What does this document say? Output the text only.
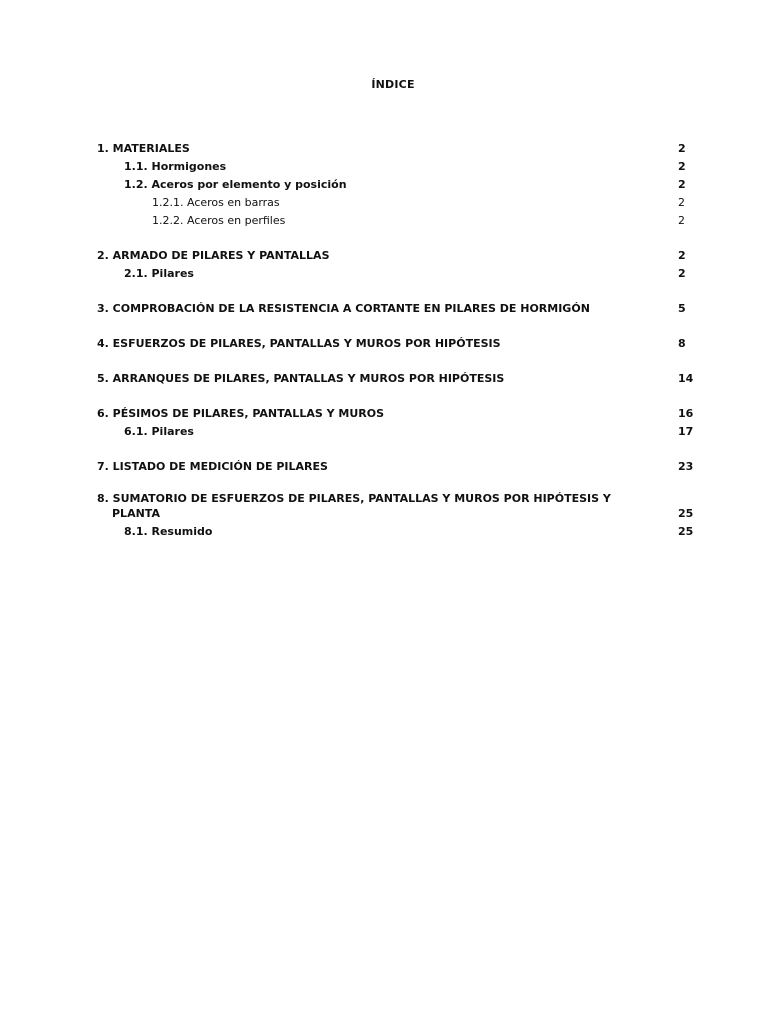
ÍNDICE
1. MATERIALES	2
1.1. Hormigones	2
1.2. Aceros por elemento y posición	2
1.2.1. Aceros en barras	2
1.2.2. Aceros en perfiles	2
2. ARMADO DE PILARES Y PANTALLAS	2
2.1. Pilares	2
3. COMPROBACIÓN DE LA RESISTENCIA A CORTANTE EN PILARES DE HORMIGÓN	5
4. ESFUERZOS DE PILARES, PANTALLAS Y MUROS POR HIPÓTESIS	8
5. ARRANQUES DE PILARES, PANTALLAS Y MUROS POR HIPÓTESIS	14
6. PÉSIMOS DE PILARES, PANTALLAS Y MUROS	16
6.1. Pilares	17
7. LISTADO DE MEDICIÓN DE PILARES	23
8. SUMATORIO DE ESFUERZOS DE PILARES, PANTALLAS Y MUROS POR HIPÓTESIS Y
PLANTA	25
8.1. Resumido	25
